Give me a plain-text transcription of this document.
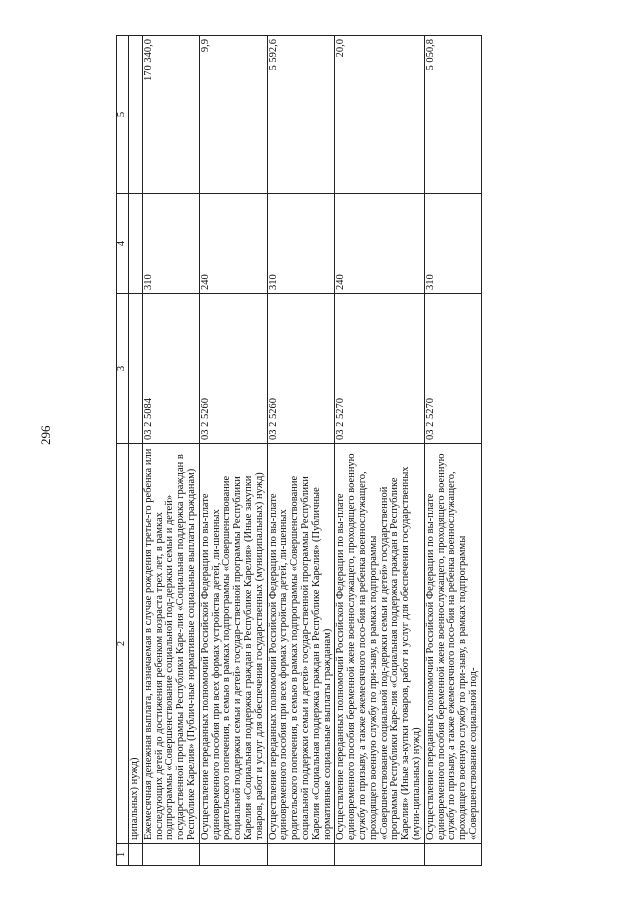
296
1	2	3	4	5
	ципальных) нужд)			
	Ежемесячная денежная выплата, назначаемая в случае рождения третье-го ребенка или последующих детей до достижения ребенком возраста трех лет, в рамках подпрограммы «Совершенствование социальной под-держки семьи и детей» государственной программы Республики Каре-лия «Социальная поддержка граждан в Республике Карелия» (Публич-ные нормативные социальные выплаты гражданам)	03 2 5084	310	170 340,0
	Осуществление переданных полномочий Российской Федерации по вы-плате единовременного пособия при всех формах устройства детей, ли-шенных родительского попечения, в семью в рамках подпрограммы «Совершенствование социальной поддержки семьи и детей» государ-ственной программы Республики Карелия «Социальная поддержка граждан в Республике Карелия» (Иные закупки товаров, работ и услуг для обеспечения государственных (муниципальных) нужд)	03 2 5260	240	9,9
	Осуществление переданных полномочий Российской Федерации по вы-плате единовременного пособия при всех формах устройства детей, ли-шенных родительского попечения, в семью в рамках подпрограммы «Совершенствование социальной поддержки семьи и детей» государ-ственной программы Республики Карелия «Социальная поддержка граждан в Республике Карелия» (Публичные нормативные социальные выплаты гражданам)	03 2 5260	310	5 592,6
	Осуществление переданных полномочий Российской Федерации по вы-плате единовременного пособия беременной жене военнослужащего, проходящего военную службу по призыву, а также ежемесячного посо-бия на ребенка военнослужащего, проходящего военную службу по при-зыву, в рамках подпрограммы «Совершенствование социальной под-держки семьи и детей» государственной программы Республики Каре-лия «Социальная поддержка граждан в Республике Карелия» (Иные за-купки товаров, работ и услуг для обеспечения государственных (муни-ципальных) нужд)	03 2 5270	240	20,0
	Осуществление переданных полномочий Российской Федерации по вы-плате единовременного пособия беременной жене военнослужащего, проходящего военную службу по призыву, а также ежемесячного посо-бия на ребенка военнослужащего, проходящего военную службу по при-зыву, в рамках подпрограммы «Совершенствование социальной под-	03 2 5270	310	5 050,8
